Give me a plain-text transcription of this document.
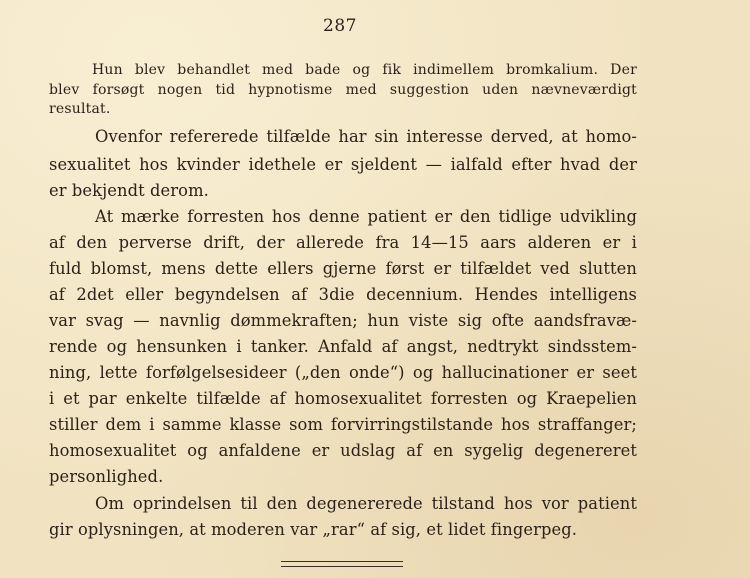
287
Hun blev behandlet med bade og fik indimellem bromkalium. Der
blev forsøgt nogen tid hypnotisme med suggestion uden nævneværdigt
resultat.
Ovenfor refererede tilfælde har sin interesse derved, at homo-
sexualitet hos kvinder idethele er sjeldent — ialfald efter hvad der
er bekjendt derom.
At mærke forresten hos denne patient er den tidlige udvikling
af den perverse drift, der allerede fra 14—15 aars alderen er i
fuld blomst, mens dette ellers gjerne først er tilfældet ved slutten
af 2det eller begyndelsen af 3die decennium. Hendes intelligens
var svag — navnlig dømmekraften; hun viste sig ofte aandsfravæ-
rende og hensunken i tanker. Anfald af angst, nedtrykt sindsstem-
ning, lette forfølgelsesideer („den onde“) og hallucinationer er seet
i et par enkelte tilfælde af homosexualitet forresten og Kraepelien
stiller dem i samme klasse som forvirringstilstande hos straffanger;
homosexualitet og anfaldene er udslag af en sygelig degenereret
personlighed.
Om oprindelsen til den degenererede tilstand hos vor patient
gir oplysningen, at moderen var „rar“ af sig, et lidet fingerpeg.
